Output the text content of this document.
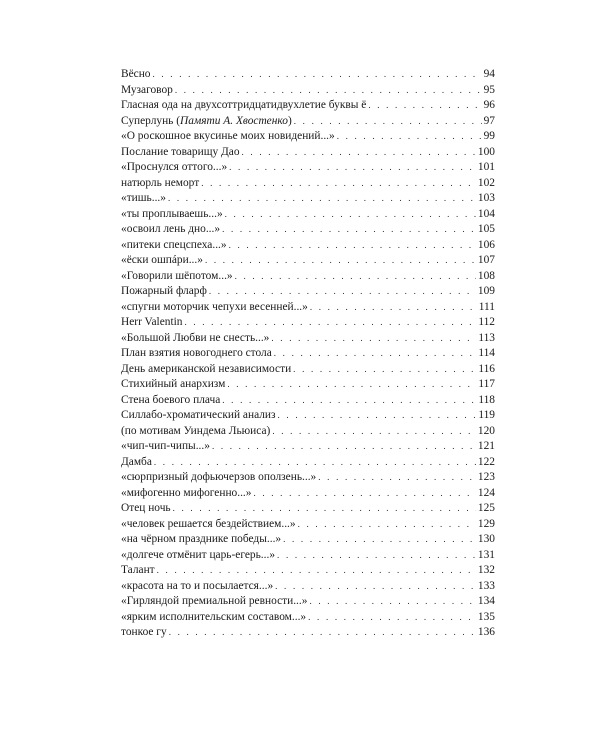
Вёсно . . .	94
Музаговор . . .	95
Гласная ода на двухсоттридцатидвухлетие буквы ё . . .	96
Суперлунь (Памяти А. Хвостенко) . . .	97
«О роскошное вкусинье моих новидений...» . . .	99
Послание товарищу Дао . . .	100
«Проснулся оттого...» . . .	101
натюрль неморт . . .	102
«тишь...» . . .	103
«ты проплываешь...» . . .	104
«освоил лень дно...» . . .	105
«питеки спецспеха...» . . .	106
«ёски ошпáри...» . . .	107
«Говорили шёпотом...» . . .	108
Пожарный фларф . . .	109
«спугни моторчик чепухи весенней...» . . .	111
Herr Valentin . . .	112
«Большой Любви не снесть...» . . .	113
План взятия новогоднего стола . . .	114
День американской независимости . . .	116
Стихийный анархизм . . .	117
Стена боевого плача . . .	118
Силлабо-хроматический анализ . . .	119
(по мотивам Уиндема Льюиса) . . .	120
«чип-чип-чипы...» . . .	121
Дамба . . .	122
«сюрпризный дофьючерзов оползень...» . . .	123
«мифогенно мифогенно...» . . .	124
Отец ночь . . .	125
«человек решается бездействием...» . . .	129
«на чёрном празднике победы...» . . .	130
«долгече отмёнит царь-егерь...» . . .	131
Талант . . .	132
«красота на то и посылается...» . . .	133
«Гирляндой премиальной ревности...» . . .	134
«ярким исполнительским составом...» . . .	135
тонкое гу . . .	136
